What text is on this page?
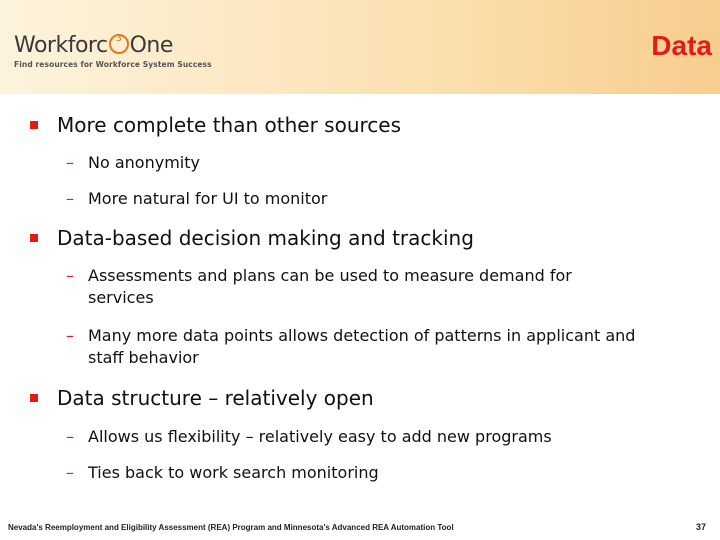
Workforc
3 One
Find resources for Workforce System Success
Data
More complete than other sources
– No anonymity
– More natural for UI to monitor
Data-based decision making and tracking
– Assessments and plans can be used to measure demand for services
– Many more data points allows detection of patterns in applicant and staff behavior
Data structure – relatively open
– Allows us flexibility – relatively easy to add new programs
– Ties back to work search monitoring
Nevada's Reemployment and Eligibility Assessment (REA) Program and Minnesota's Advanced REA Automation Tool	37
